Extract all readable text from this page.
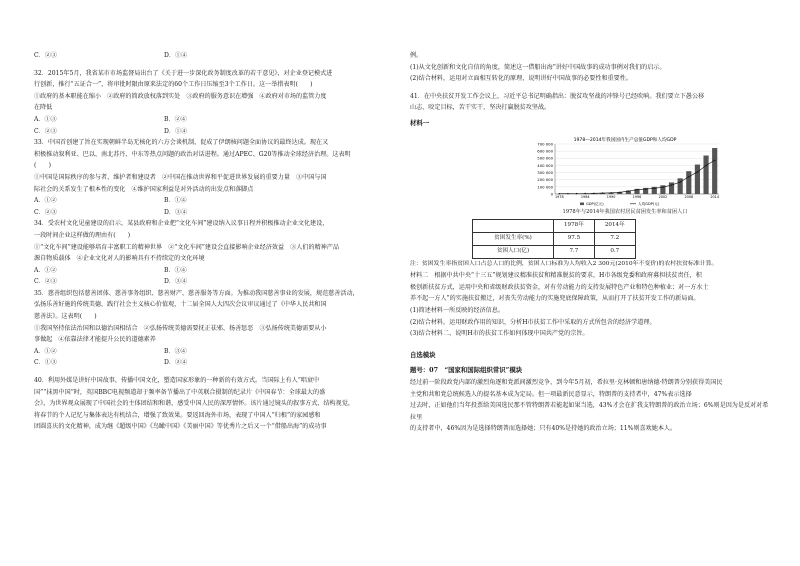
C．②③	D．①④

32．2015年5月，我省某市市场监督局出台了《关于进一步深化政务制度改革的若干意见》，对企业登记模式进

行创新，推行“五证合一”，将审批时限由原来法定的60个工作日压缩至3个工作日。这一举措表明(　　)

①政府的基本职能在缩小　②政府的简政放权落到实处　③政府的服务意识在增强　④政府对市场的监管力度

在降低

A．①③	B．②④
C．②③	D．①④

33．中国首创建了旨在实现朝鲜半岛无核化的六方会谈机制，促成了伊朗核问题全面协议的最终达成。现在又

积极推动叙利亚、巴以、南北苏丹、中东等热点问题的政治对话进程。通过APEC、G20等推动全球经济治理。这表明

(　　)

①中国是国际秩序的参与者、维护者和建设者　②中国在推动世界和平促进世界发展的重要力量　③中国与国

际社会的关系发生了根本性的变化　④维护国家利益是对外活动的出发点和落脚点

A．①②	B．①④
C．②③	D．③④

34．受农村文化见童建设的启示，某县政府和企业把“文化车间”建设纳入议事日程并积极推动企业文化建设，

一段时间企业这样做的理由有(　　)

①“文化车间”建设能够培育丰富职工的精神世界　②“文化车间”建设会直接影响企业经济效益　③人们的精神产品

源自物质载体　④企业文化对人的影响具有不持续定的文化环境

A．①②	B．①④
C．②③	D．③④

35．慈善组织包括慈善团体、慈善事务组织、慈善财产、慈善服务等方面。为推动我国慈善事业的发展，规范慈善活动，

弘扬乐善好施的传统美德，践行社会主义核心价值观，十二届全国人大四次会议审议通过了《中华人民共和国

慈善法》。这表明(　　)

①我国坚持依法治国和以德治国相结合　②弘扬传统美德需要抚正祛邪、扬善惩恶　③弘扬传统美德需要从小

事做起　④依靠法律才能提升公民的道德素养

A．①②	B．③④
C．①③	D．②④

40．利用外媒是讲好中国故事，传播中国文化，塑造国家形象的一种新的有效方式。当国际上有人“唱衰中

国”“抹黑中国”时，英国BBC电视频道却于频率备节播出了中英联合摄制的纪录片《中国春节：全球最大的盛

会》，为世界观众展现了中国社会的主体团结和和谐，感受中国人民的深厚情怀。该片通过镜头的叙事方式、结构视觉，

将春节的个人记忆与集体表达有机结合，增强了致效果。要返回海外市场，表现了中国人“归根”的家园感和

团圆喜庆的文化精神，成为继《超级中国》《鸟瞰中国》《美丽中国》等优秀片之后又一个“借船出海”的成功事

例。

(1)从文化创新和文化自信的角度，简述这一借船出海”讲好中国故事的成功事例对我们的启示。

(2)结合材料，运用对立面相互转化的原理，说明讲好中国故事的必要性和重要性。

41．在中央扶贫开发工作会议上，习近平总书记明确指出：脱贫攻坚战的冲锋号已经吹响。我们要立下愚公移

山志，咬定目标，苦干实干，坚决打赢脱贫攻坚战。

材料一

1978—2014年我国国内生产总值GDP和人均GDP
0
100 000
200 000
300 000
400 000
500 000
600 000
700 000
1978	1984	1990	1996	2002	2008	2014
GDP(亿元)	人均GDP(元)
1978年与2014年我国农村居民贫困发生率和贫困人口
	1978年	2014年
贫困发生率(%)	97.5	7.2
贫困人口(亿)	7.7	0.7

注：贫困发生率指贫困人口占总人口的比例，贫困人口标准为人均收入2 300元(2010年不变价)的农村扶贫标准计算。

材料二　根据中共中央“十三五”规划建议精准扶贫和精准脱贫的要求，H市各级党委和政府募担扶贫责任，积

极创新扶贫方式，运用中央和省级财政扶贫资金，对有劳动能力的支持发展特色产业和特色种植业；对一方水土

养不起一方人”的实施扶贫搬迁，对丧失劳动能力的实施兜底保障政策，从而打开了扶贫开发工作的新局面。

(1)简述材料一所反映的经济信息。

(2)结合材料，运用财政作用的知识，分析H市扶贫工作中采取的方式所包含的经济学道理。

(3)结合材料二，说明H市的扶贫工作如何体现中国共产党的宗旨。

自选模块

题号：07　“国家和国际组织常识”模块

经过前一阶段政党内部的激烈角逐和党派间激烈竞争，到今年5月初，希拉里·克林顿和唐纳德·特朗普分别获得美国民

主党和共和党总统候选人的提名基本成为定局。但一项最新民意显示，特朗普的支持者中，47%表示选择

过去时，正如他们当年投票给美国选民那不管特朗普若能起如果当选，43%才会在扩我支特朗普的政治立场；6%则是因为是反对对希拉里

的支持者中，46%因为是选择特朗普而选择她；只有40%是持她的政治立场；11%则喜欢她本人。
